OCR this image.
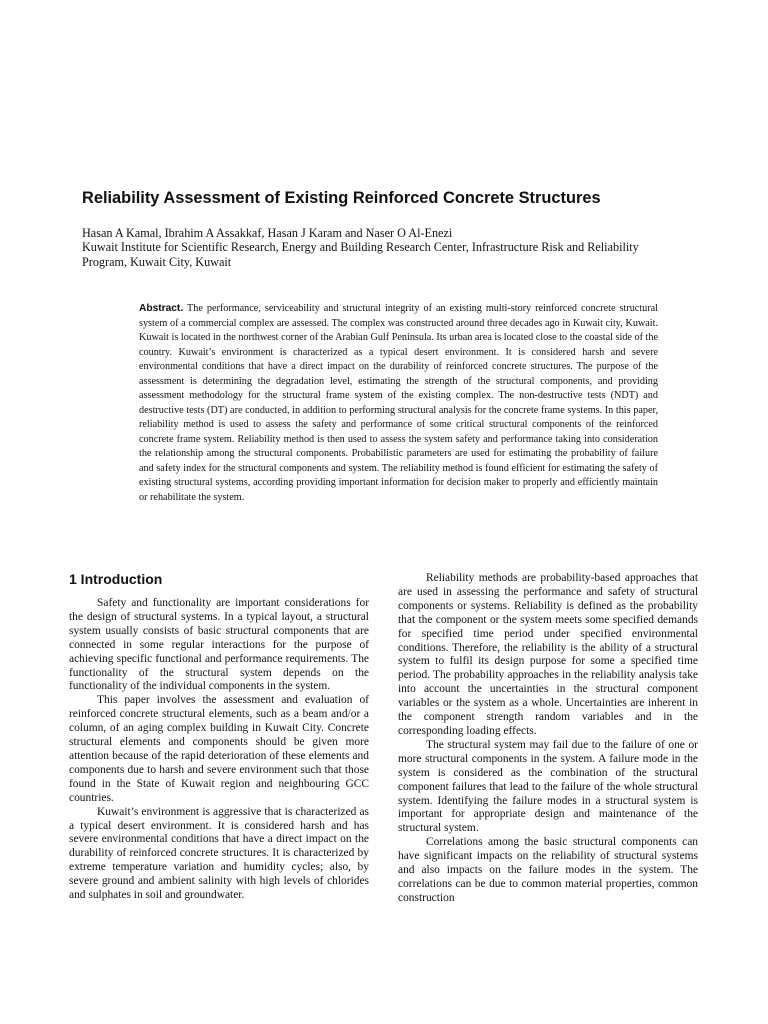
Reliability Assessment of Existing Reinforced Concrete Structures
Hasan A Kamal, Ibrahim A Assakkaf, Hasan J Karam and Naser O Al-Enezi
Kuwait Institute for Scientific Research, Energy and Building Research Center, Infrastructure Risk and Reliability Program, Kuwait City, Kuwait
Abstract. The performance, serviceability and structural integrity of an existing multi-story reinforced concrete structural system of a commercial complex are assessed. The complex was constructed around three decades ago in Kuwait city, Kuwait. Kuwait is located in the northwest corner of the Arabian Gulf Peninsula. Its urban area is located close to the coastal side of the country. Kuwait’s environment is characterized as a typical desert environment. It is considered harsh and severe environmental conditions that have a direct impact on the durability of reinforced concrete structures. The purpose of the assessment is determining the degradation level, estimating the strength of the structural components, and providing assessment methodology for the structural frame system of the existing complex. The non-destructive tests (NDT) and destructive tests (DT) are conducted, in addition to performing structural analysis for the concrete frame systems. In this paper, reliability method is used to assess the safety and performance of some critical structural components of the reinforced concrete frame system. Reliability method is then used to assess the system safety and performance taking into consideration the relationship among the structural components. Probabilistic parameters are used for estimating the probability of failure and safety index for the structural components and system. The reliability method is found efficient for estimating the safety of existing structural systems, according providing important information for decision maker to properly and efficiently maintain or rehabilitate the system.
1 Introduction

Safety and functionality are important considerations for the design of structural systems. In a typical layout, a structural system usually consists of basic structural components that are connected in some regular interactions for the purpose of achieving specific functional and performance requirements. The functionality of the structural system depends on the functionality of the individual components in the system.

This paper involves the assessment and evaluation of reinforced concrete structural elements, such as a beam and/or a column, of an aging complex building in Kuwait City. Concrete structural elements and components should be given more attention because of the rapid deterioration of these elements and components due to harsh and severe environment such that those found in the State of Kuwait region and neighbouring GCC countries.

Kuwait’s environment is aggressive that is characterized as a typical desert environment. It is considered harsh and has severe environmental conditions that have a direct impact on the durability of reinforced concrete structures. It is characterized by extreme temperature variation and humidity cycles; also, by severe ground and ambient salinity with high levels of chlorides and sulphates in soil and groundwater.

Reliability methods are probability-based approaches that are used in assessing the performance and safety of structural components or systems. Reliability is defined as the probability that the component or the system meets some specified demands for specified time period under specified environmental conditions. Therefore, the reliability is the ability of a structural system to fulfil its design purpose for some a specified time period. The probability approaches in the reliability analysis take into account the uncertainties in the structural component variables or the system as a whole. Uncertainties are inherent in the component strength random variables and in the corresponding loading effects.

The structural system may fail due to the failure of one or more structural components in the system. A failure mode in the system is considered as the combination of the structural component failures that lead to the failure of the whole structural system. Identifying the failure modes in a structural system is important for appropriate design and maintenance of the structural system.

Correlations among the basic structural components can have significant impacts on the reliability of structural systems and also impacts on the failure modes in the system. The correlations can be due to common material properties, common construction
